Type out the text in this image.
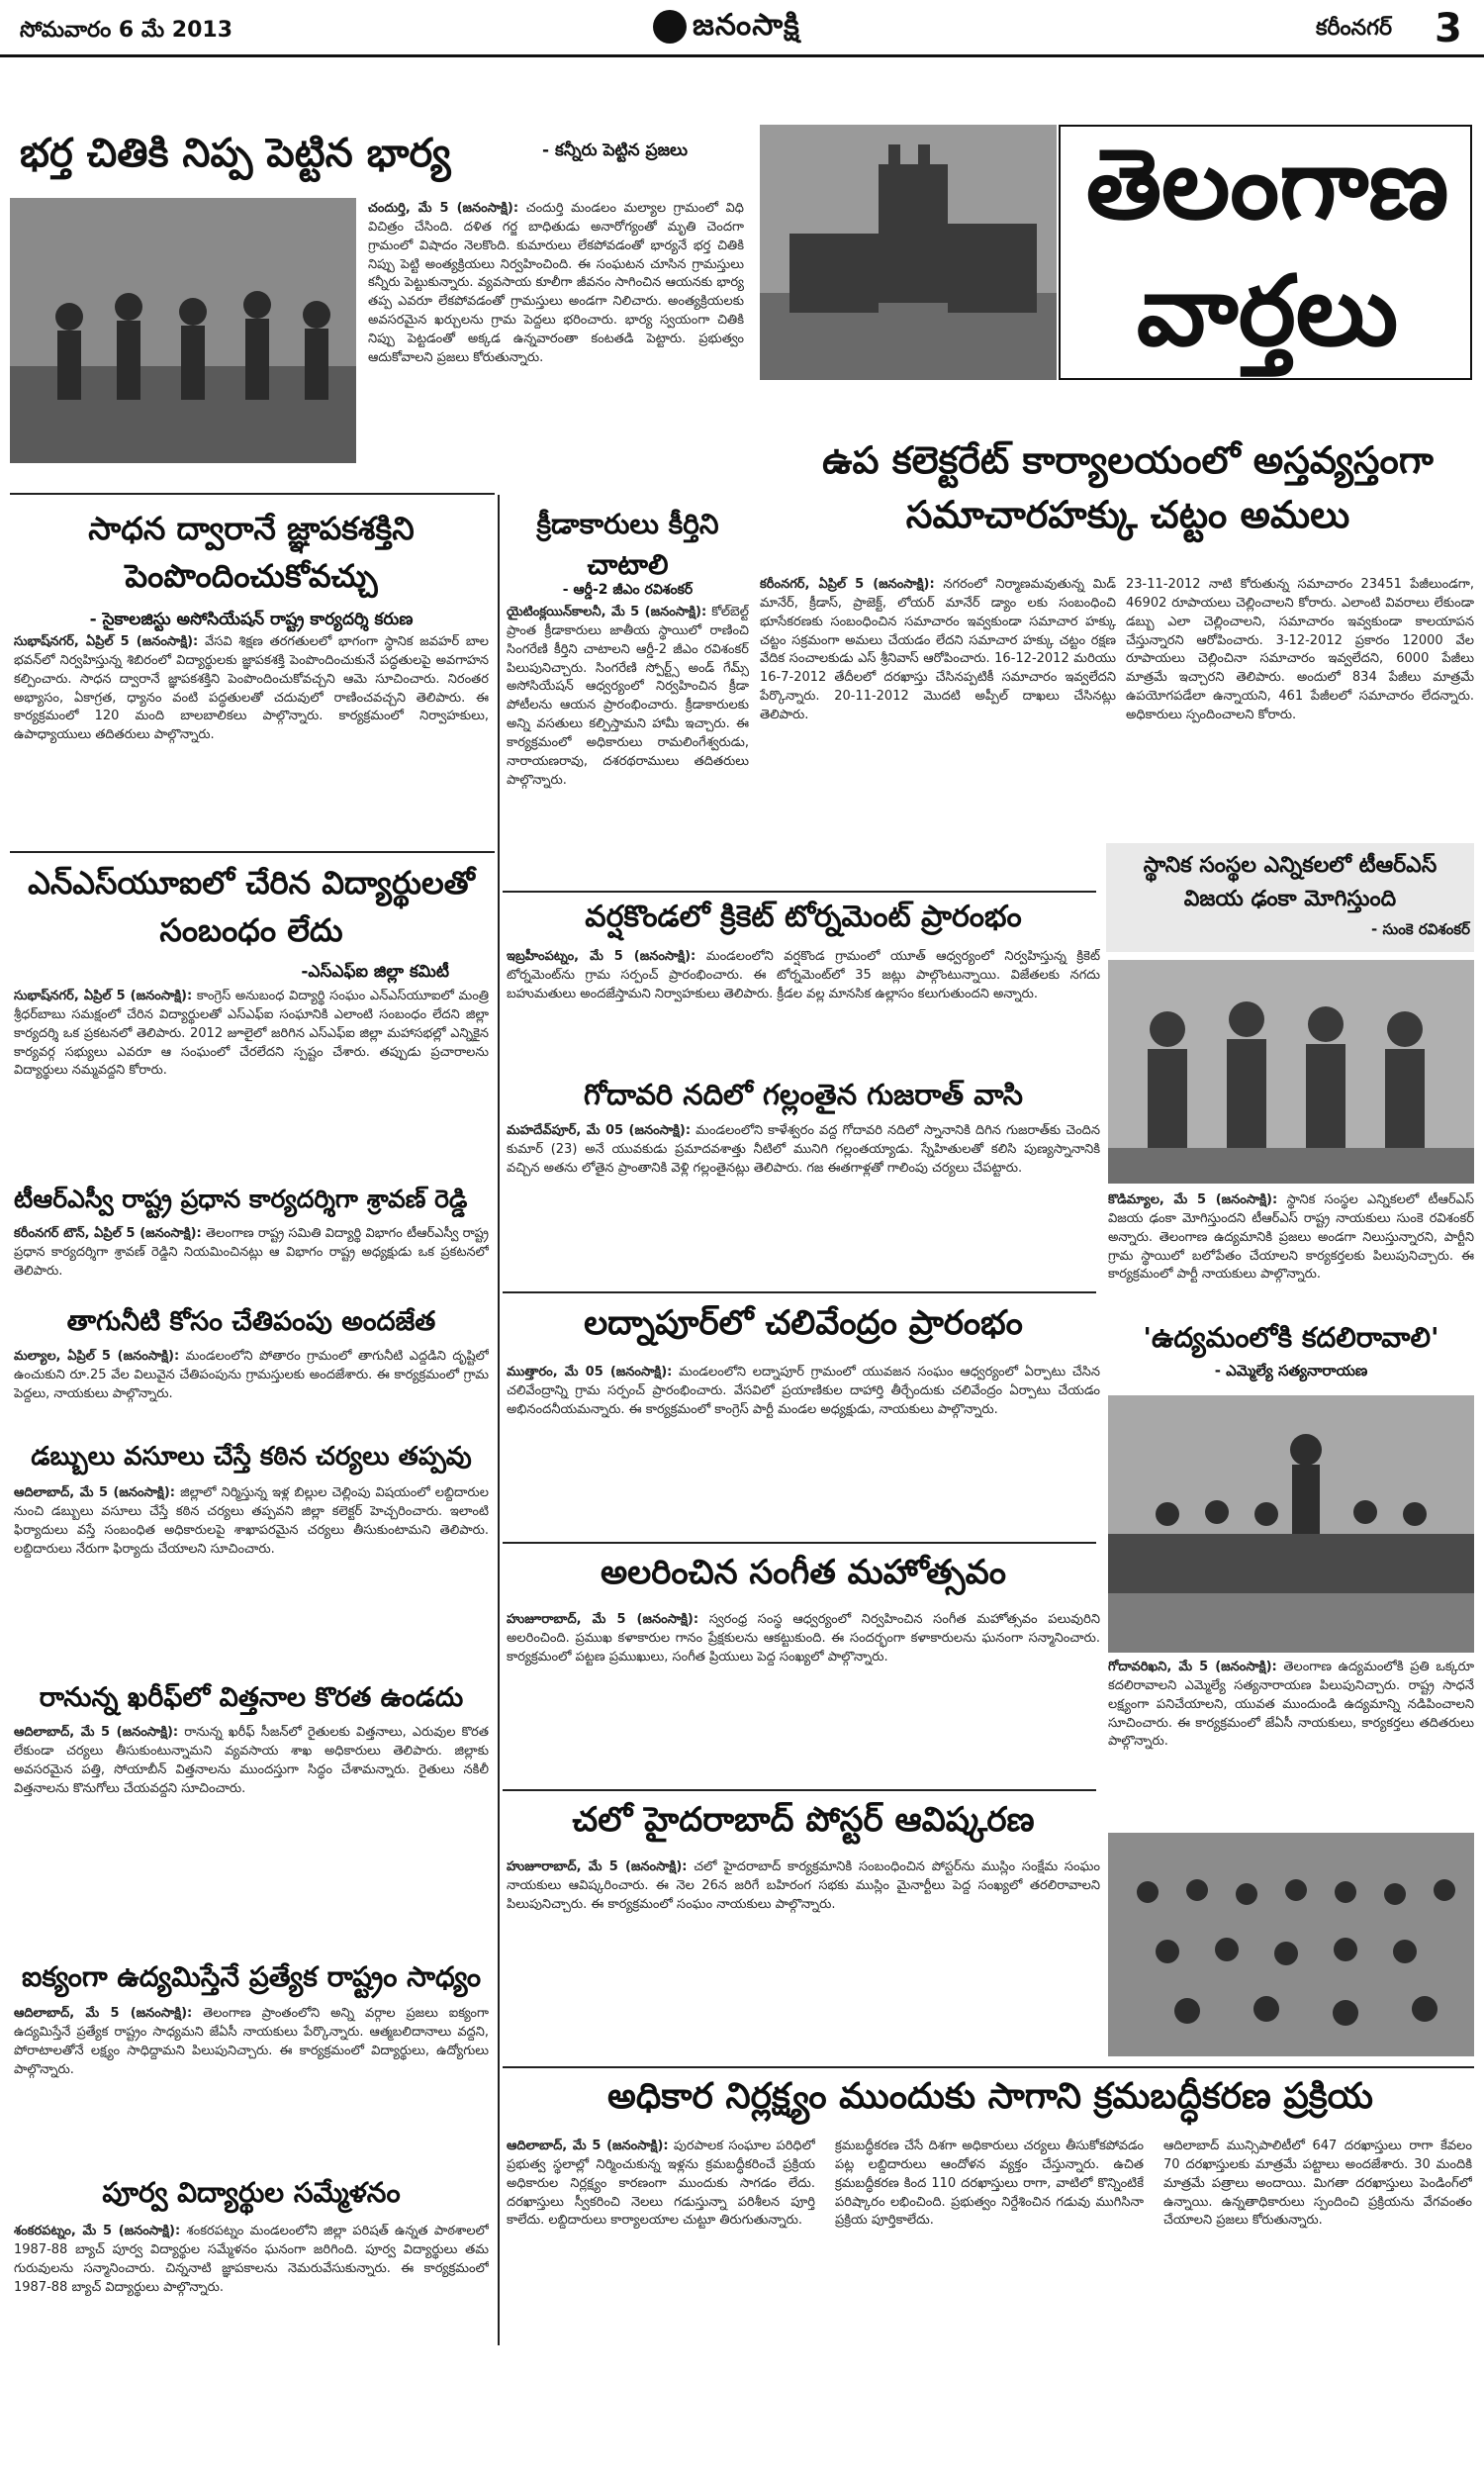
సోమవారం 6 మే 2013	జనంసాక్షి	కరీంనగర్ 3
భర్త చితికి నిప్ప పెట్టిన భార్య	- కన్నీరు పెట్టిన ప్రజలు
చందుర్తి, మే 5 (జనంసాక్షి): చందుర్తి మండలం మల్యాల గ్రామంలో విధి విచిత్రం చేసింది. దళిత గర్జ బాధితుడు అనారోగ్యంతో మృతి చెందగా గ్రామంలో విషాదం నెలకొంది. కుమారులు లేకపోవడంతో భార్యనే భర్త చితికి నిప్పు పెట్టి అంత్యక్రియలు నిర్వహించింది. ఈ సంఘటన చూసిన గ్రామస్తులు కన్నీరు పెట్టుకున్నారు. వ్యవసాయ కూలీగా జీవనం సాగించిన ఆయనకు భార్య తప్ప ఎవరూ లేకపోవడంతో గ్రామస్తులు అండగా నిలిచారు. అంత్యక్రియలకు అవసరమైన ఖర్చులను గ్రామ పెద్దలు భరించారు. భార్య స్వయంగా చితికి నిప్పు పెట్టడంతో అక్కడ ఉన్నవారంతా కంటతడి పెట్టారు. ప్రభుత్వం ఆదుకోవాలని ప్రజలు కోరుతున్నారు.
తెలంగాణ
వార్తలు
ఉప కలెక్టరేట్ కార్యాలయంలో అస్తవ్యస్తంగా సమాచారహక్కు చట్టం అమలు
కరీంనగర్, ఏప్రిల్ 5 (జనంసాక్షి): నగరంలో నిర్మాణమవుతున్న మిడ్ మానేర్, క్రీడాస్, ప్రాజెక్ట్, లోయర్ మానేర్ డ్యాం లకు సంబంధించి భూసేకరణకు సంబంధించిన సమాచారం ఇవ్వకుండా సమాచార హక్కు చట్టం సక్రమంగా అమలు చేయడం లేదని సమాచార హక్కు చట్టం రక్షణ వేదిక సంచాలకుడు ఎస్ శ్రీనివాస్ ఆరోపించారు. 16-12-2012 మరియు 16-7-2012 తేదీలలో దరఖాస్తు చేసినప్పటికీ సమాచారం ఇవ్వలేదని పేర్కొన్నారు. 20-11-2012 మొదటి అప్పీల్ దాఖలు చేసినట్లు తెలిపారు.
23-11-2012 నాటి కోరుతున్న సమాచారం 23451 పేజీలుండగా, 46902 రూపాయలు చెల్లించాలని కోరారు. ఎలాంటి వివరాలు లేకుండా డబ్బు ఎలా చెల్లించాలని, సమాచారం ఇవ్వకుండా కాలయాపన చేస్తున్నారని ఆరోపించారు. 3-12-2012 ప్రకారం 12000 వేల రూపాయలు చెల్లించినా సమాచారం ఇవ్వలేదని, 6000 పేజీలు మాత్రమే ఇచ్చారని తెలిపారు. అందులో 834 పేజీలు మాత్రమే ఉపయోగపడేలా ఉన్నాయని, 461 పేజీలలో సమాచారం లేదన్నారు. అధికారులు స్పందించాలని కోరారు.
సాధన ద్వారానే జ్ఞాపకశక్తిని పెంపొందించుకోవచ్చు
- సైకాలజిస్టు అసోసియేషన్ రాష్ట్ర కార్యదర్శి కరుణ
సుభాష్‌నగర్, ఏప్రిల్ 5 (జనంసాక్షి): వేసవి శిక్షణ తరగతులలో భాగంగా స్థానిక జవహర్ బాల భవన్‌లో నిర్వహిస్తున్న శిబిరంలో విద్యార్థులకు జ్ఞాపకశక్తి పెంపొందించుకునే పద్ధతులపై అవగాహన కల్పించారు. సాధన ద్వారానే జ్ఞాపకశక్తిని పెంపొందించుకోవచ్చని ఆమె సూచించారు. నిరంతర అభ్యాసం, ఏకాగ్రత, ధ్యానం వంటి పద్ధతులతో చదువులో రాణించవచ్చని తెలిపారు. ఈ కార్యక్రమంలో 120 మంది బాలబాలికలు పాల్గొన్నారు. కార్యక్రమంలో నిర్వాహకులు, ఉపాధ్యాయులు తదితరులు పాల్గొన్నారు.
క్రీడాకారులు కీర్తిని చాటాలి
- ఆర్డీ-2 జీఎం రవిశంకర్
యైటింక్లయిన్‌కాలనీ, మే 5 (జనంసాక్షి): కోల్‌బెల్ట్ ప్రాంత క్రీడాకారులు జాతీయ స్థాయిలో రాణించి సింగరేణి కీర్తిని చాటాలని ఆర్డీ-2 జీఎం రవిశంకర్ పిలుపునిచ్చారు. సింగరేణి స్పోర్ట్స్ అండ్ గేమ్స్ అసోసియేషన్ ఆధ్వర్యంలో నిర్వహించిన క్రీడా పోటీలను ఆయన ప్రారంభించారు. క్రీడాకారులకు అన్ని వసతులు కల్పిస్తామని హామీ ఇచ్చారు. ఈ కార్యక్రమంలో అధికారులు రామలింగేశ్వరుడు, నారాయణరావు, దశరథరాములు తదితరులు పాల్గొన్నారు.
ఎన్ఎస్‌యూఐలో చేరిన విద్యార్థులతో సంబంధం లేదు
-ఎస్ఎఫ్ఐ జిల్లా కమిటీ
సుభాష్‌నగర్, ఏప్రిల్ 5 (జనంసాక్షి): కాంగ్రెస్ అనుబంధ విద్యార్థి సంఘం ఎన్ఎస్‌యూఐలో మంత్రి శ్రీధర్‌బాబు సమక్షంలో చేరిన విద్యార్థులతో ఎస్ఎఫ్ఐ సంఘానికి ఎలాంటి సంబంధం లేదని జిల్లా కార్యదర్శి ఒక ప్రకటనలో తెలిపారు. 2012 జూలైలో జరిగిన ఎస్ఎఫ్ఐ జిల్లా మహాసభల్లో ఎన్నికైన కార్యవర్గ సభ్యులు ఎవరూ ఆ సంఘంలో చేరలేదని స్పష్టం చేశారు. తప్పుడు ప్రచారాలను విద్యార్థులు నమ్మవద్దని కోరారు.
టీఆర్ఎస్వీ రాష్ట్ర ప్రధాన కార్యదర్శిగా శ్రావణ్ రెడ్డి
కరీంనగర్ టౌన్, ఏప్రిల్ 5 (జనంసాక్షి): తెలంగాణ రాష్ట్ర సమితి విద్యార్థి విభాగం టీఆర్ఎస్వీ రాష్ట్ర ప్రధాన కార్యదర్శిగా శ్రావణ్ రెడ్డిని నియమించినట్లు ఆ విభాగం రాష్ట్ర అధ్యక్షుడు ఒక ప్రకటనలో తెలిపారు.
తాగునీటి కోసం చేతిపంపు అందజేత
మల్యాల, ఏప్రిల్ 5 (జనంసాక్షి): మండలంలోని పోతారం గ్రామంలో తాగునీటి ఎద్దడిని దృష్టిలో ఉంచుకుని రూ.25 వేల విలువైన చేతిపంపును గ్రామస్తులకు అందజేశారు. ఈ కార్యక్రమంలో గ్రామ పెద్దలు, నాయకులు పాల్గొన్నారు.
డబ్బులు వసూలు చేస్తే కఠిన చర్యలు తప్పవు
ఆదిలాబాద్, మే 5 (జనంసాక్షి): జిల్లాలో నిర్మిస్తున్న ఇళ్ల బిల్లుల చెల్లింపు విషయంలో లబ్దిదారుల నుంచి డబ్బులు వసూలు చేస్తే కఠిన చర్యలు తప్పవని జిల్లా కలెక్టర్ హెచ్చరించారు. ఇలాంటి ఫిర్యాదులు వస్తే సంబంధిత అధికారులపై శాఖాపరమైన చర్యలు తీసుకుంటామని తెలిపారు. లబ్దిదారులు నేరుగా ఫిర్యాదు చేయాలని సూచించారు.
రానున్న ఖరీఫ్‌లో విత్తనాల కొరత ఉండదు
ఆదిలాబాద్, మే 5 (జనంసాక్షి): రానున్న ఖరీఫ్ సీజన్‌లో రైతులకు విత్తనాలు, ఎరువుల కొరత లేకుండా చర్యలు తీసుకుంటున్నామని వ్యవసాయ శాఖ అధికారులు తెలిపారు. జిల్లాకు అవసరమైన పత్తి, సోయాబీన్ విత్తనాలను ముందస్తుగా సిద్ధం చేశామన్నారు. రైతులు నకిలీ విత్తనాలను కొనుగోలు చేయవద్దని సూచించారు.
ఐక్యంగా ఉద్యమిస్తేనే ప్రత్యేక రాష్ట్రం సాధ్యం
ఆదిలాబాద్, మే 5 (జనంసాక్షి): తెలంగాణ ప్రాంతంలోని అన్ని వర్గాల ప్రజలు ఐక్యంగా ఉద్యమిస్తేనే ప్రత్యేక రాష్ట్రం సాధ్యమని జేఏసీ నాయకులు పేర్కొన్నారు. ఆత్మబలిదానాలు వద్దని, పోరాటాలతోనే లక్ష్యం సాధిద్దామని పిలుపునిచ్చారు. ఈ కార్యక్రమంలో విద్యార్థులు, ఉద్యోగులు పాల్గొన్నారు.
పూర్వ విద్యార్థుల సమ్మేళనం
శంకరపట్నం, మే 5 (జనంసాక్షి): శంకరపట్నం మండలంలోని జిల్లా పరిషత్ ఉన్నత పాఠశాలలో 1987-88 బ్యాచ్ పూర్వ విద్యార్థుల సమ్మేళనం ఘనంగా జరిగింది. పూర్వ విద్యార్థులు తమ గురువులను సన్మానించారు. చిన్ననాటి జ్ఞాపకాలను నెమరువేసుకున్నారు. ఈ కార్యక్రమంలో 1987-88 బ్యాచ్ విద్యార్థులు పాల్గొన్నారు.
వర్షకొండలో క్రికెట్ టోర్నమెంట్ ప్రారంభం
ఇబ్రహీంపట్నం, మే 5 (జనంసాక్షి): మండలంలోని వర్షకొండ గ్రామంలో యూత్ ఆధ్వర్యంలో నిర్వహిస్తున్న క్రికెట్ టోర్నమెంట్‌ను గ్రామ సర్పంచ్ ప్రారంభించారు. ఈ టోర్నమెంట్‌లో 35 జట్లు పాల్గొంటున్నాయి. విజేతలకు నగదు బహుమతులు అందజేస్తామని నిర్వాహకులు తెలిపారు. క్రీడల వల్ల మానసిక ఉల్లాసం కలుగుతుందని అన్నారు.
గోదావరి నదిలో గల్లంతైన గుజరాత్ వాసి
మహదేవ్‌పూర్, మే 05 (జనంసాక్షి): మండలంలోని కాళేశ్వరం వద్ద గోదావరి నదిలో స్నానానికి దిగిన గుజరాత్‌కు చెందిన కుమార్ (23) అనే యువకుడు ప్రమాదవశాత్తు నీటిలో మునిగి గల్లంతయ్యాడు. స్నేహితులతో కలిసి పుణ్యస్నానానికి వచ్చిన అతను లోతైన ప్రాంతానికి వెళ్లి గల్లంతైనట్లు తెలిపారు. గజ ఈతగాళ్లతో గాలింపు చర్యలు చేపట్టారు.
లద్నాపూర్‌లో చలివేంద్రం ప్రారంభం
ముత్తారం, మే 05 (జనంసాక్షి): మండలంలోని లద్నాపూర్ గ్రామంలో యువజన సంఘం ఆధ్వర్యంలో ఏర్పాటు చేసిన చలివేంద్రాన్ని గ్రామ సర్పంచ్ ప్రారంభించారు. వేసవిలో ప్రయాణికుల దాహార్తి తీర్చేందుకు చలివేంద్రం ఏర్పాటు చేయడం అభినందనీయమన్నారు. ఈ కార్యక్రమంలో కాంగ్రెస్ పార్టీ మండల అధ్యక్షుడు, నాయకులు పాల్గొన్నారు.
అలరించిన సంగీత మహోత్సవం
హుజూరాబాద్, మే 5 (జనంసాక్షి): స్వరంధ్ర సంస్థ ఆధ్వర్యంలో నిర్వహించిన సంగీత మహోత్సవం పలువురిని అలరించింది. ప్రముఖ కళాకారుల గానం ప్రేక్షకులను ఆకట్టుకుంది. ఈ సందర్భంగా కళాకారులను ఘనంగా సన్మానించారు. కార్యక్రమంలో పట్టణ ప్రముఖులు, సంగీత ప్రియులు పెద్ద సంఖ్యలో పాల్గొన్నారు.
చలో హైదరాబాద్ పోస్టర్ ఆవిష్కరణ
హుజూరాబాద్, మే 5 (జనంసాక్షి): చలో హైదరాబాద్ కార్యక్రమానికి సంబంధించిన పోస్టర్‌ను ముస్లిం సంక్షేమ సంఘం నాయకులు ఆవిష్కరించారు. ఈ నెల 26న జరిగే బహిరంగ సభకు ముస్లిం మైనార్టీలు పెద్ద సంఖ్యలో తరలిరావాలని పిలుపునిచ్చారు. ఈ కార్యక్రమంలో సంఘం నాయకులు పాల్గొన్నారు.
స్థానిక సంస్థల ఎన్నికలలో టీఆర్ఎస్ విజయ ఢంకా మోగిస్తుంది
- సుంకె రవిశంకర్
కొడిమ్యాల, మే 5 (జనంసాక్షి): స్థానిక సంస్థల ఎన్నికలలో టీఆర్ఎస్ విజయ ఢంకా మోగిస్తుందని టీఆర్ఎస్ రాష్ట్ర నాయకులు సుంకె రవిశంకర్ అన్నారు. తెలంగాణ ఉద్యమానికి ప్రజలు అండగా నిలుస్తున్నారని, పార్టీని గ్రామ స్థాయిలో బలోపేతం చేయాలని కార్యకర్తలకు పిలుపునిచ్చారు. ఈ కార్యక్రమంలో పార్టీ నాయకులు పాల్గొన్నారు.
'ఉద్యమంలోకి కదలిరావాలి'
- ఎమ్మెల్యే సత్యనారాయణ
గోదావరిఖని, మే 5 (జనంసాక్షి): తెలంగాణ ఉద్యమంలోకి ప్రతి ఒక్కరూ కదలిరావాలని ఎమ్మెల్యే సత్యనారాయణ పిలుపునిచ్చారు. రాష్ట్ర సాధనే లక్ష్యంగా పనిచేయాలని, యువత ముందుండి ఉద్యమాన్ని నడిపించాలని సూచించారు. ఈ కార్యక్రమంలో జేఏసీ నాయకులు, కార్యకర్తలు తదితరులు పాల్గొన్నారు.
అధికార నిర్లక్ష్యం ముందుకు సాగాని క్రమబద్ధీకరణ ప్రక్రియ
ఆదిలాబాద్, మే 5 (జనంసాక్షి): పురపాలక సంఘాల పరిధిలో ప్రభుత్వ స్థలాల్లో నిర్మించుకున్న ఇళ్లను క్రమబద్ధీకరించే ప్రక్రియ అధికారుల నిర్లక్ష్యం కారణంగా ముందుకు సాగడం లేదు. దరఖాస్తులు స్వీకరించి నెలలు గడుస్తున్నా పరిశీలన పూర్తి కాలేదు. లబ్దిదారులు కార్యాలయాల చుట్టూ తిరుగుతున్నారు.
క్రమబద్ధీకరణ చేసే దిశగా అధికారులు చర్యలు తీసుకోకపోవడం పట్ల లబ్దిదారులు ఆందోళన వ్యక్తం చేస్తున్నారు. ఉచిత క్రమబద్ధీకరణ కింద 110 దరఖాస్తులు రాగా, వాటిలో కొన్నింటికే పరిష్కారం లభించింది. ప్రభుత్వం నిర్దేశించిన గడువు ముగిసినా ప్రక్రియ పూర్తికాలేదు.
ఆదిలాబాద్ మున్సిపాలిటీలో 647 దరఖాస్తులు రాగా కేవలం 70 దరఖాస్తులకు మాత్రమే పట్టాలు అందజేశారు. 30 మందికి మాత్రమే పత్రాలు అందాయి. మిగతా దరఖాస్తులు పెండింగ్‌లో ఉన్నాయి. ఉన్నతాధికారులు స్పందించి ప్రక్రియను వేగవంతం చేయాలని ప్రజలు కోరుతున్నారు.
